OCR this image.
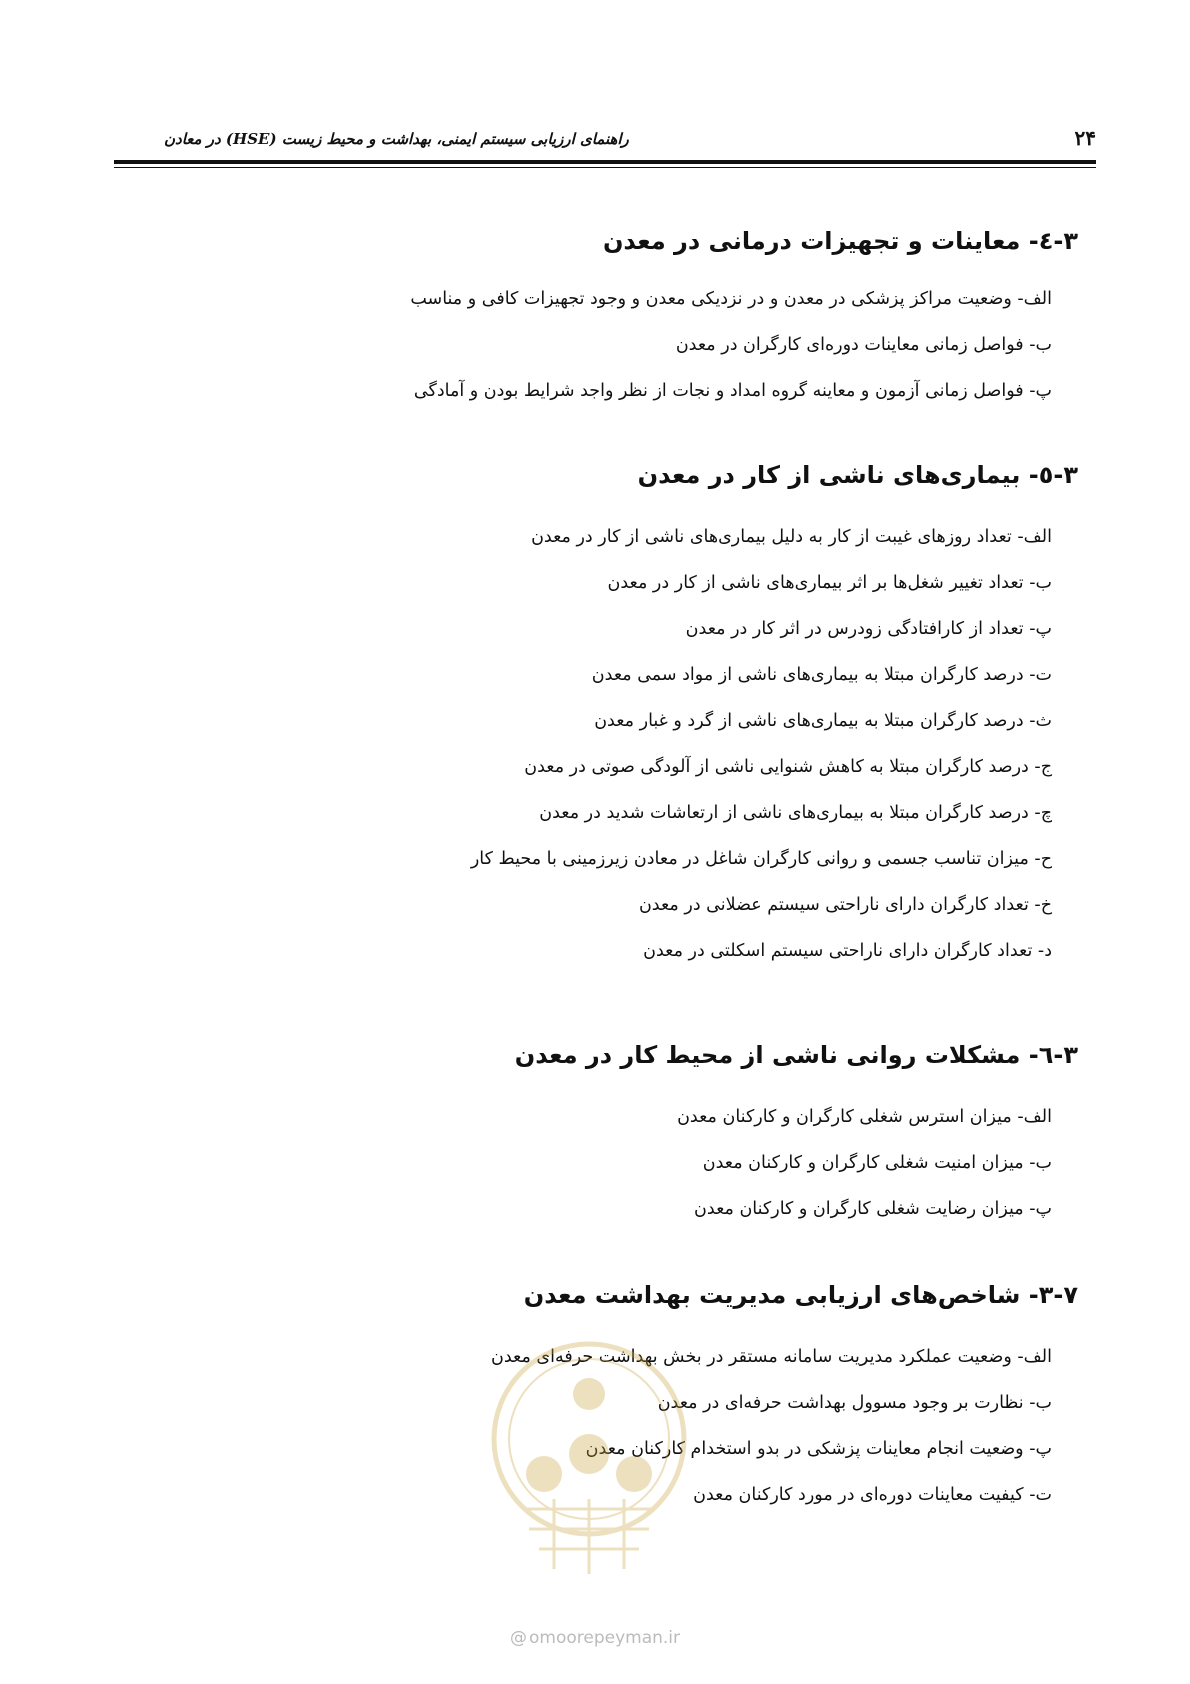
۲۴
راهنمای ارزیابی سیستم ایمنی، بهداشت و محیط زیست (HSE) در معادن
۳-٤- معاینات و تجهیزات درمانی در معدن
الف- وضعیت مراکز پزشکی در معدن و در نزدیکی معدن و وجود تجهیزات کافی و مناسب
ب- فواصل زمانی معاینات دوره‌ای کارگران در معدن
پ- فواصل زمانی آزمون و معاینه گروه امداد و نجات از نظر واجد شرایط بودن و آمادگی
۳-٥- بیماری‌های ناشی از کار در معدن
الف- تعداد روزهای غیبت از کار به دلیل بیماری‌های ناشی از کار در معدن
ب- تعداد تغییر شغل‌ها بر اثر بیماری‌های ناشی از کار در معدن
پ- تعداد از کارافتادگی زودرس در اثر کار در معدن
ت- درصد کارگران مبتلا به بیماری‌های ناشی از مواد سمی معدن
ث- درصد کارگران مبتلا به بیماری‌های ناشی از گرد و غبار معدن
ج- درصد کارگران مبتلا به کاهش شنوایی ناشی از آلودگی صوتی در معدن
چ- درصد کارگران مبتلا به بیماری‌های ناشی از ارتعاشات شدید در معدن
ح- میزان تناسب جسمی و روانی کارگران شاغل در معادن زیرزمینی با محیط کار
خ- تعداد کارگران دارای ناراحتی سیستم عضلانی در معدن
د- تعداد کارگران دارای ناراحتی سیستم اسکلتی در معدن
۳-٦- مشکلات روانی ناشی از محیط کار در معدن
الف- میزان استرس شغلی کارگران و کارکنان معدن
ب- میزان امنیت شغلی کارگران و کارکنان معدن
پ- میزان رضایت شغلی کارگران و کارکنان معدن
۳-۷- شاخص‌های ارزیابی مدیریت بهداشت معدن
الف- وضعیت عملکرد مدیریت سامانه مستقر در بخش بهداشت حرفه‌ای معدن
ب- نظارت بر وجود مسوول بهداشت حرفه‌ای در معدن
پ- وضعیت انجام معاینات پزشکی در بدو استخدام کارکنان معدن
ت- کیفیت معاینات دوره‌ای در مورد کارکنان معدن
@ omoorepeyman.ir
